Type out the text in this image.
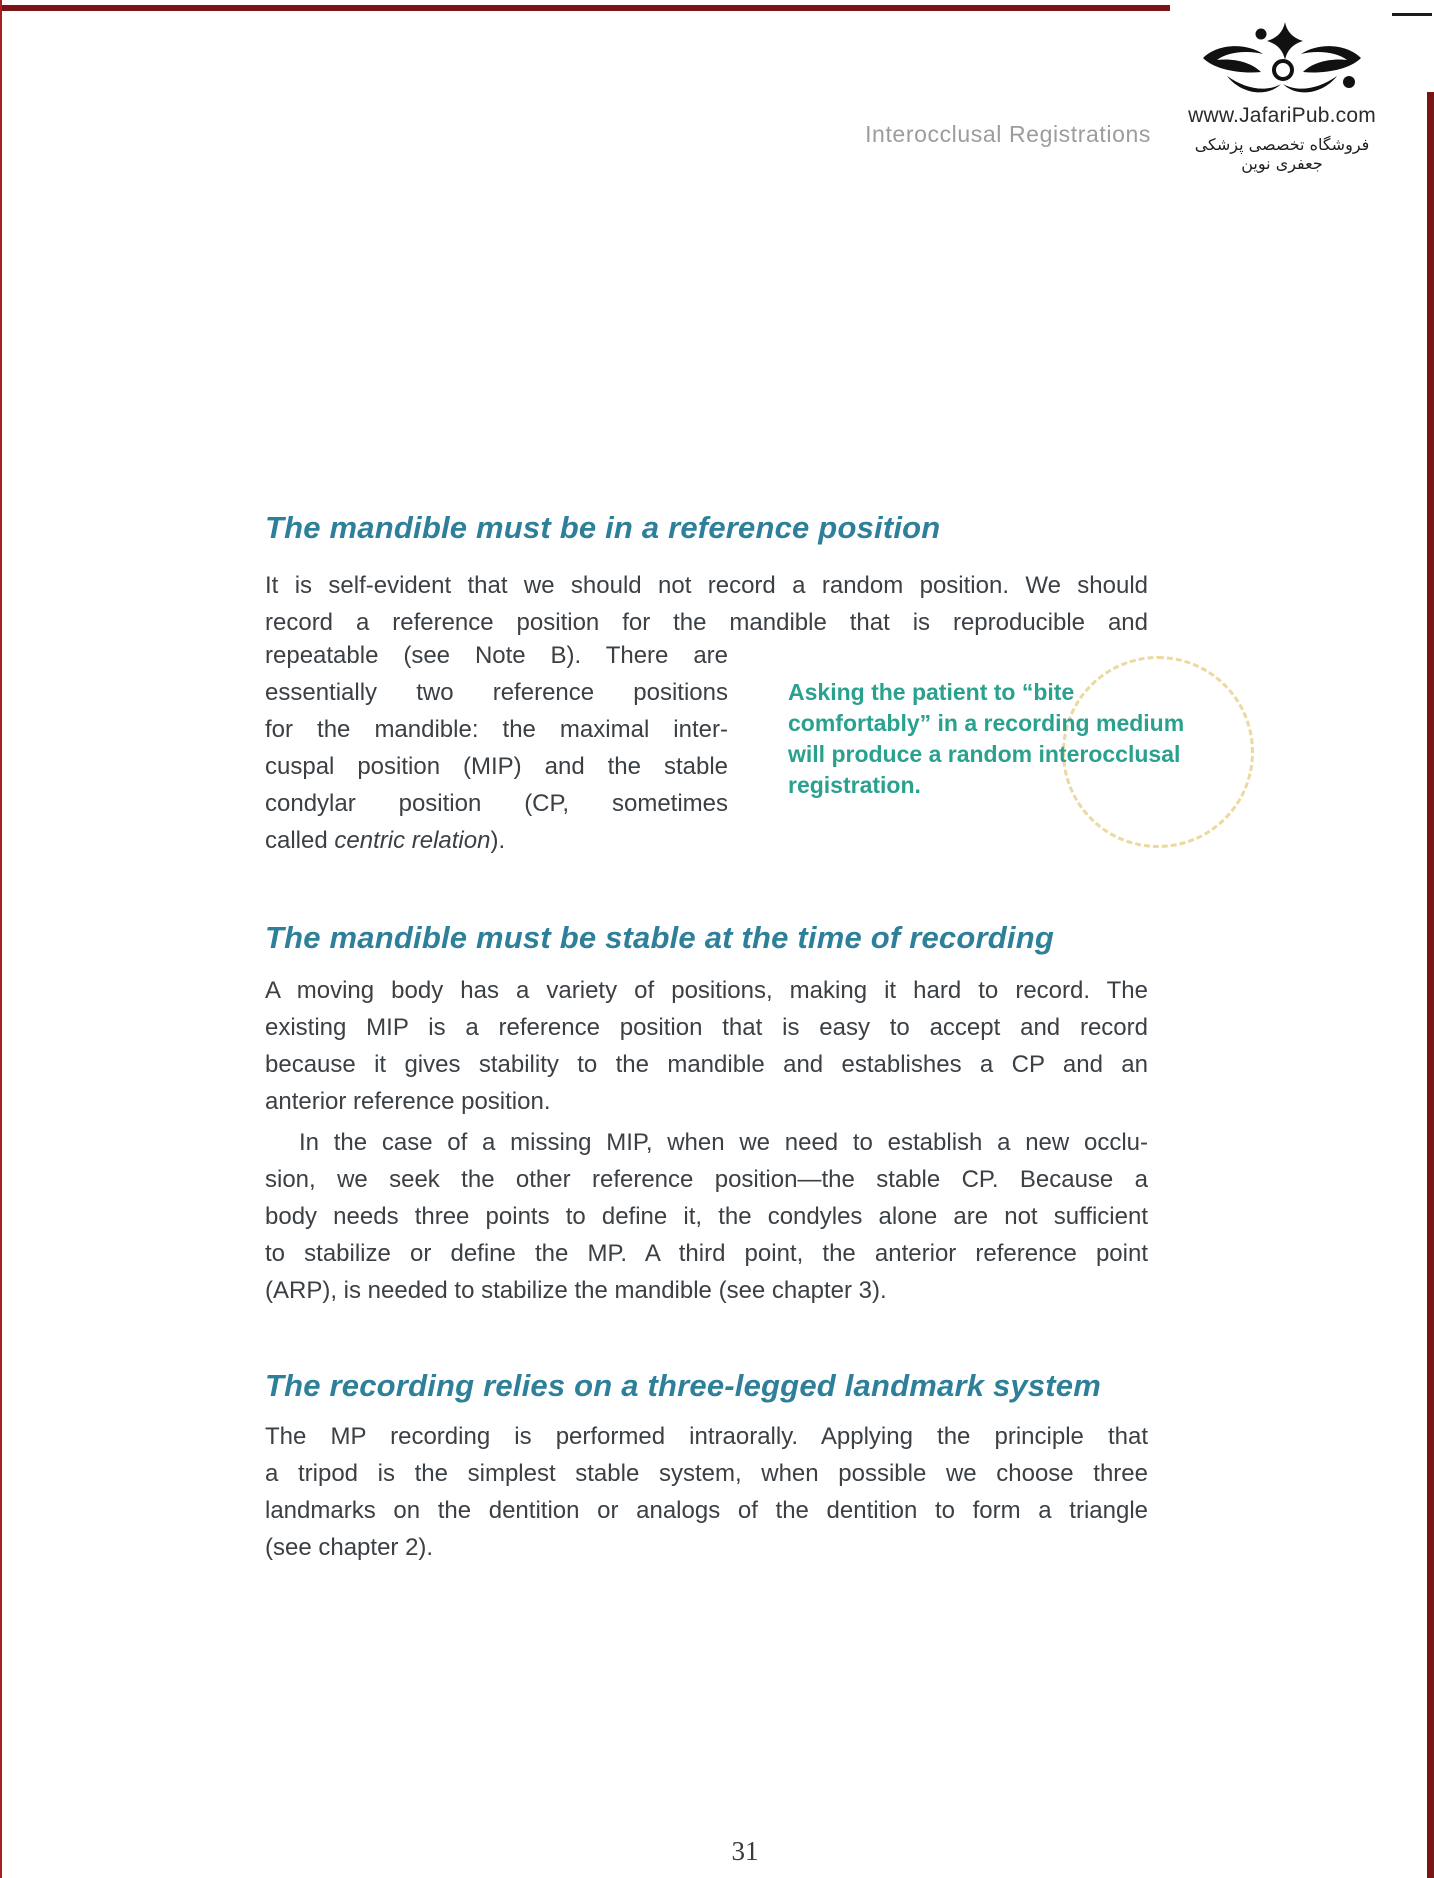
Interocclusal Registrations
www.JafariPub.com
فروشگاه تخصصی پزشکی جعفری نوین
The mandible must be in a reference position
It is self-evident that we should not record a random position. We should
record a reference position for the mandible that is reproducible and
repeatable (see Note B). There are
essentially two reference positions
for the mandible: the maximal inter-
cuspal position (MIP) and the stable
condylar position (CP, sometimes
called centric relation).
Asking the patient to “bite
comfortably” in a recording medium
will produce a random interocclusal
registration.
The mandible must be stable at the time of recording
A moving body has a variety of positions, making it hard to record. The
existing MIP is a reference position that is easy to accept and record
because it gives stability to the mandible and establishes a CP and an
anterior reference position.
In the case of a missing MIP, when we need to establish a new occlu-
sion, we seek the other reference position—the stable CP. Because a
body needs three points to define it, the condyles alone are not sufficient
to stabilize or define the MP. A third point, the anterior reference point
(ARP), is needed to stabilize the mandible (see chapter 3).
The recording relies on a three-legged landmark system
The MP recording is performed intraorally. Applying the principle that
a tripod is the simplest stable system, when possible we choose three
landmarks on the dentition or analogs of the dentition to form a triangle
(see chapter 2).
31
